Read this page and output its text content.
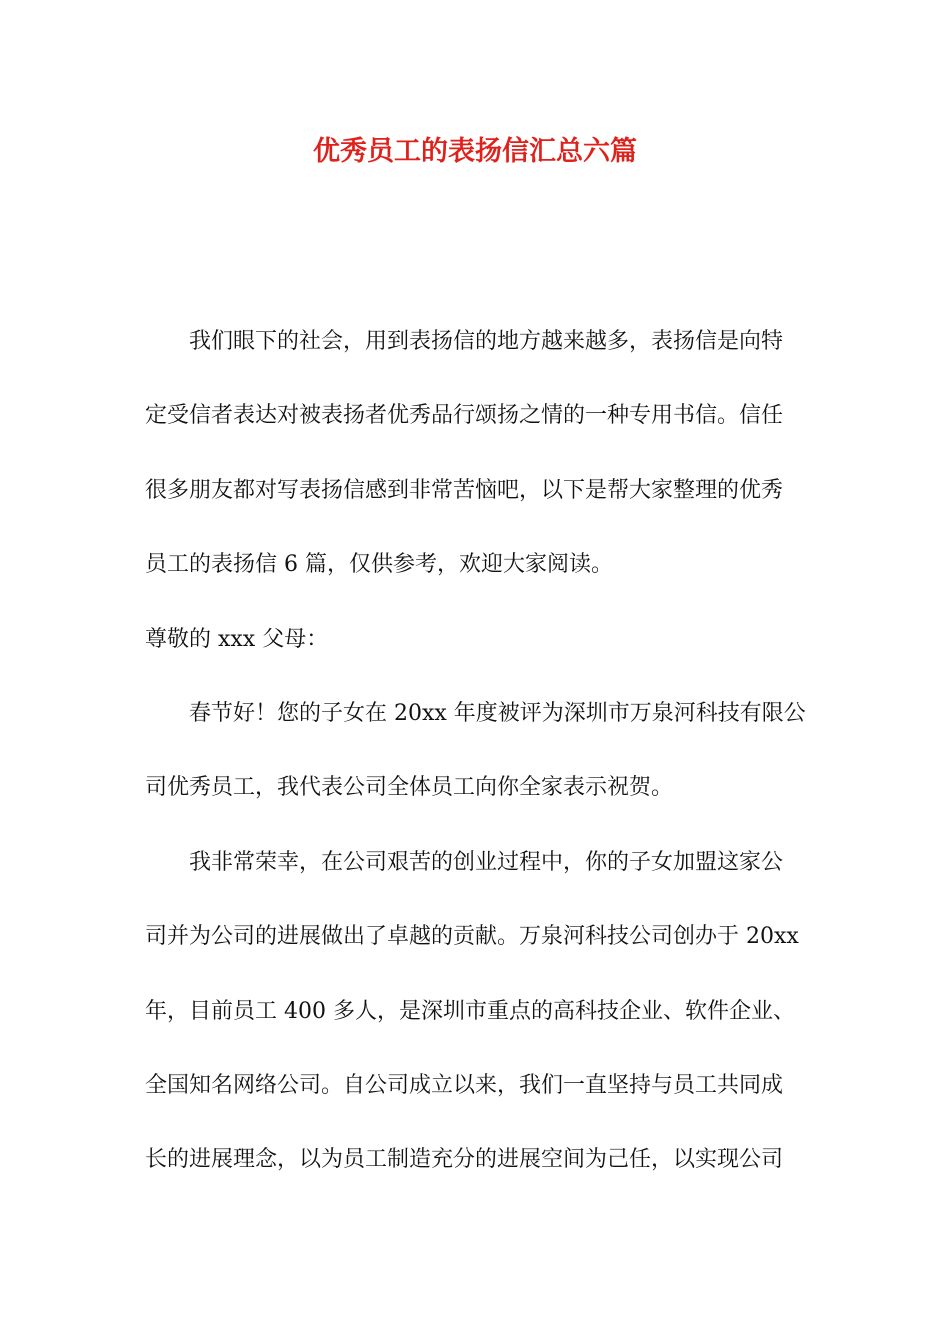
优秀员工的表扬信汇总六篇

我们眼下的社会，用到表扬信的地方越来越多，表扬信是向特

定受信者表达对被表扬者优秀品行颂扬之情的一种专用书信。信任

很多朋友都对写表扬信感到非常苦恼吧，以下是帮大家整理的优秀

员工的表扬信 6 篇，仅供参考，欢迎大家阅读。

尊敬的 xxx 父母：

春节好！您的子女在 20xx 年度被评为深圳市万泉河科技有限公

司优秀员工，我代表公司全体员工向你全家表示祝贺。

我非常荣幸，在公司艰苦的创业过程中，你的子女加盟这家公

司并为公司的进展做出了卓越的贡献。万泉河科技公司创办于 20xx

年，目前员工 400 多人，是深圳市重点的高科技企业、软件企业、

全国知名网络公司。自公司成立以来，我们一直坚持与员工共同成

长的进展理念，以为员工制造充分的进展空间为己任，以实现公司
